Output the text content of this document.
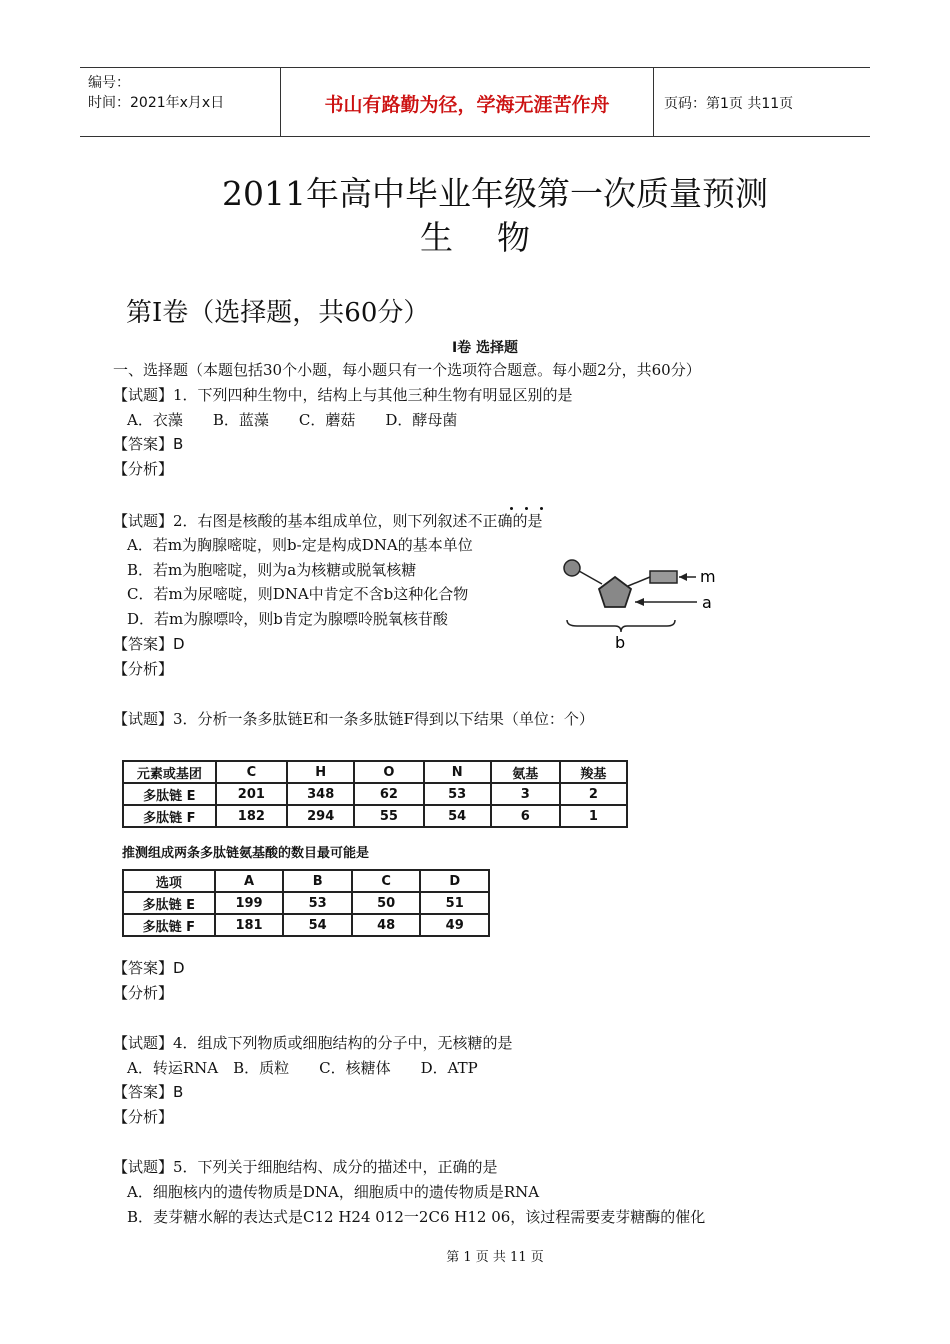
编号：
时间：2021年x月x日	书山有路勤为径，学海无涯苦作舟	页码：第1页 共11页
2011年高中毕业年级第一次质量预测
生物
第Ⅰ卷（选择题，共60分）
Ⅰ卷 选择题
一、选择题（本题包括30个小题，每小题只有一个选项符合题意。每小题2分，共60分）
【试题】1．下列四种生物中，结构上与其他三种生物有明显区别的是
A．衣藻　　B．蓝藻　　C．蘑菇　　D．酵母菌
【答案】B
【分析】
【试题】2．右图是核酸的基本组成单位，则下列叙述不正确的是
A．若m为胸腺嘧啶，则b-定是构成DNA的基本单位
B．若m为胞嘧啶，则为a为核糖或脱氧核糖
C．若m为尿嘧啶，则DNA中肯定不含b这种化合物
D．若m为腺嘌呤，则b肯定为腺嘌呤脱氧核苷酸
【答案】D
【分析】
m
a
b
【试题】3．分析一条多肽链E和一条多肽链F得到以下结果（单位：个）
元素或基团	C	H	O	N	氨基	羧基
多肽链 E	201	348	62	53	3	2
多肽链 F	182	294	55	54	6	1
推测组成两条多肽链氨基酸的数目最可能是
选项	A	B	C	D
多肽链 E	199	53	50	51
多肽链 F	181	54	48	49
【答案】D
【分析】
【试题】4．组成下列物质或细胞结构的分子中，无核糖的是
A．转运RNA　B．质粒　　C．核糖体　　D．ATP
【答案】B
【分析】
【试题】5．下列关于细胞结构、成分的描述中，正确的是
A．细胞核内的遗传物质是DNA，细胞质中的遗传物质是RNA
B．麦芽糖水解的表达式是C12 H24 012一2C6 H12 06，该过程需要麦芽糖酶的催化
第 1 页 共 11 页
